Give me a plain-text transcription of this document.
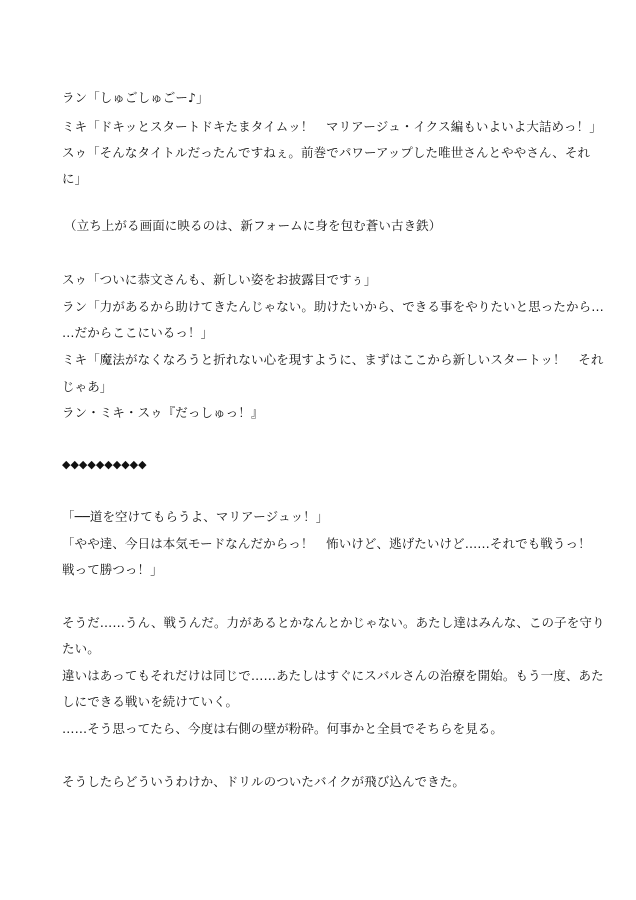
ラン「しゅごしゅごー♪」
ミキ「ドキッとスタートドキたまタイムッ！　マリアージュ・イクス編もいよいよ大詰めっ！」
スゥ「そんなタイトルだったんですねぇ。前巻でパワーアップした唯世さんとややさん、それ
に」
（立ち上がる画面に映るのは、新フォームに身を包む蒼い古き鉄）
スゥ「ついに恭文さんも、新しい姿をお披露目ですぅ」
ラン「力があるから助けてきたんじゃない。助けたいから、できる事をやりたいと思ったから…
…だからここにいるっ！」
ミキ「魔法がなくなろうと折れない心を現すように、まずはここから新しいスタートッ！　それ
じゃあ」
ラン・ミキ・スゥ『だっしゅっ！』
◆◆◆◆◆◆◆◆◆◆
「──道を空けてもらうよ、マリアージュッ！」
「やや達、今日は本気モードなんだからっ！　怖いけど、逃げたいけど……それでも戦うっ！
戦って勝つっ！」
そうだ……うん、戦うんだ。力があるとかなんとかじゃない。あたし達はみんな、この子を守り
たい。
違いはあってもそれだけは同じで……あたしはすぐにスバルさんの治療を開始。もう一度、あた
しにできる戦いを続けていく。
……そう思ってたら、今度は右側の壁が粉砕。何事かと全員でそちらを見る。
そうしたらどういうわけか、ドリルのついたバイクが飛び込んできた。
